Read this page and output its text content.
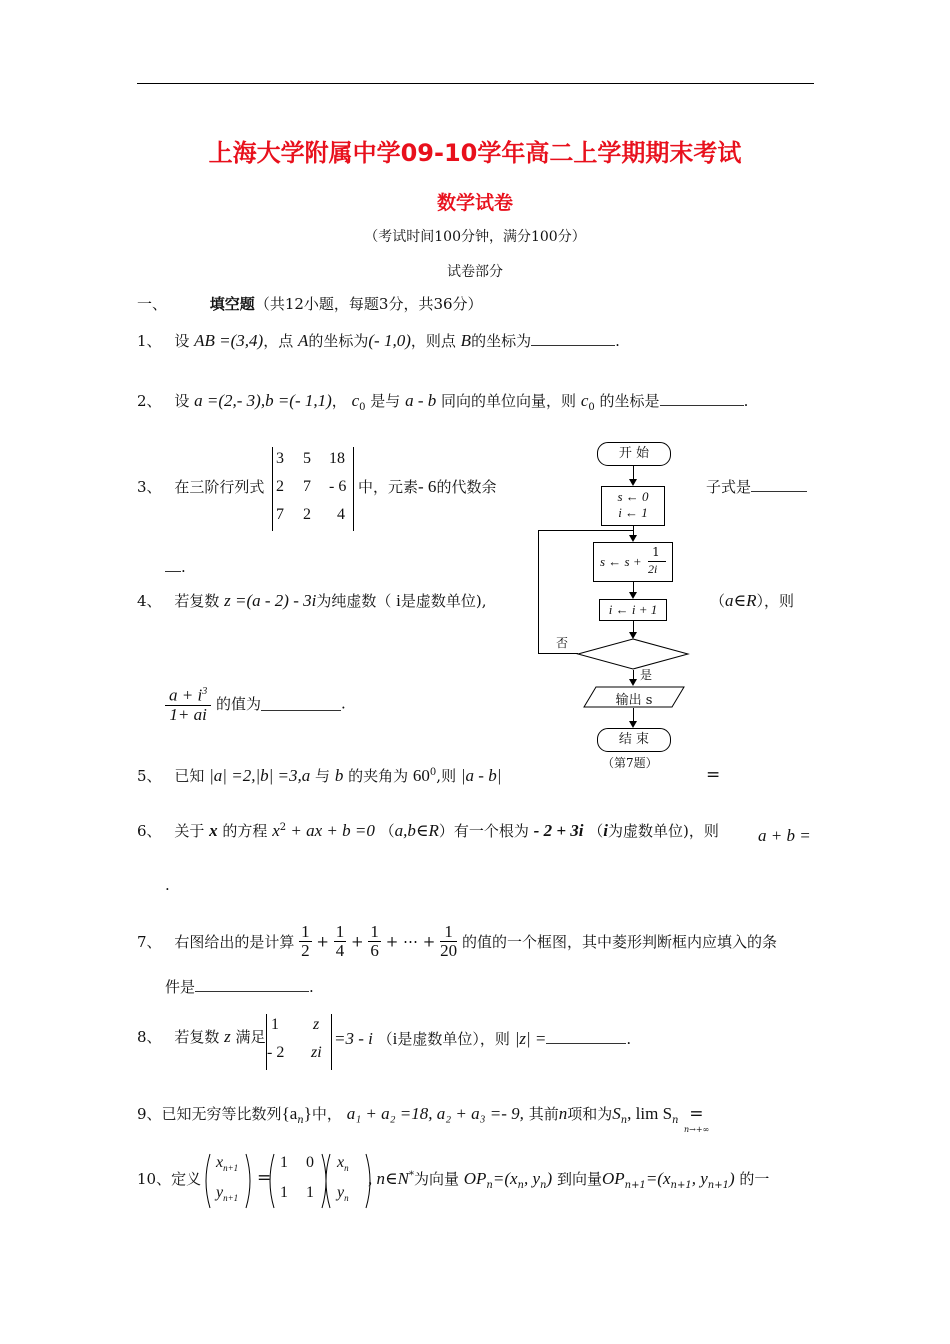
上海大学附属中学09-10学年高二上学期期末考试
数学试卷
（考试时间100分钟，满分100分）
试卷部分
一、	填空题（共12小题，每题3分，共36分）
1、 设 AB =(3,4)，点 A的坐标为(- 1,0)，则点 B的坐标为	.
2、 设 a =(2,- 3),b =(- 1,1)， $c_0$ 是与 a - b 同向的单位向量，则 $c_0$ 的坐标是	.
3、 在三阶行列式
3 5 18
2 7 - 6
7 2 4
中，元素- 6的代数余	子式是
.
4、 若复数 z =(a - 2) - 3i为纯虚数（ i是虚数单位),	（a∈R），则
$\frac{a + i^3}{1+ ai}$ 的值为	.
5、 已知 |a| =2,|b| =3,a 与 b 的夹角为 $60^0$,则 |a - b|	=
6、 关于 x 的方程 $x^2$ + ax + b =0 （a,b∈R）有一个根为 - 2 + 3i （i为虚数单位)，则 a + b =
.
7、 右图给出的是计算 $\frac{1}{2} + \frac{1}{4} + \frac{1}{6}$ + ⋯ + $\frac{1}{20}$ 的值的一个框图，其中菱形判断框内应填入的条
件是	.
8、 若复数 z 满足
1 z
- 2 zi
=3 - i （i是虚数单位），则 |z| =	.
9、已知无穷等比数列$\{a_n\}$中， a₁ + a₂ =18, a₂ + a₃ =- 9, 其前n项和为$S_n$, $\lim S_n$ =
n→+∞
10、定义
$x_{n+1}$
$y_{n+1}$
=
1 0
1 1
$x_n$
$y_n$
, n∈N*为向量 $OP_n=(x_n$, $y_n$) 到向量$OP_{n+1}=(x_{n+1}$, $y_{n+1}$) 的一
开 始
s ← 0
i ← 1
s ← s +
1
2i
i ← i + 1
否
是
输出 s
结 束
（第7题）
